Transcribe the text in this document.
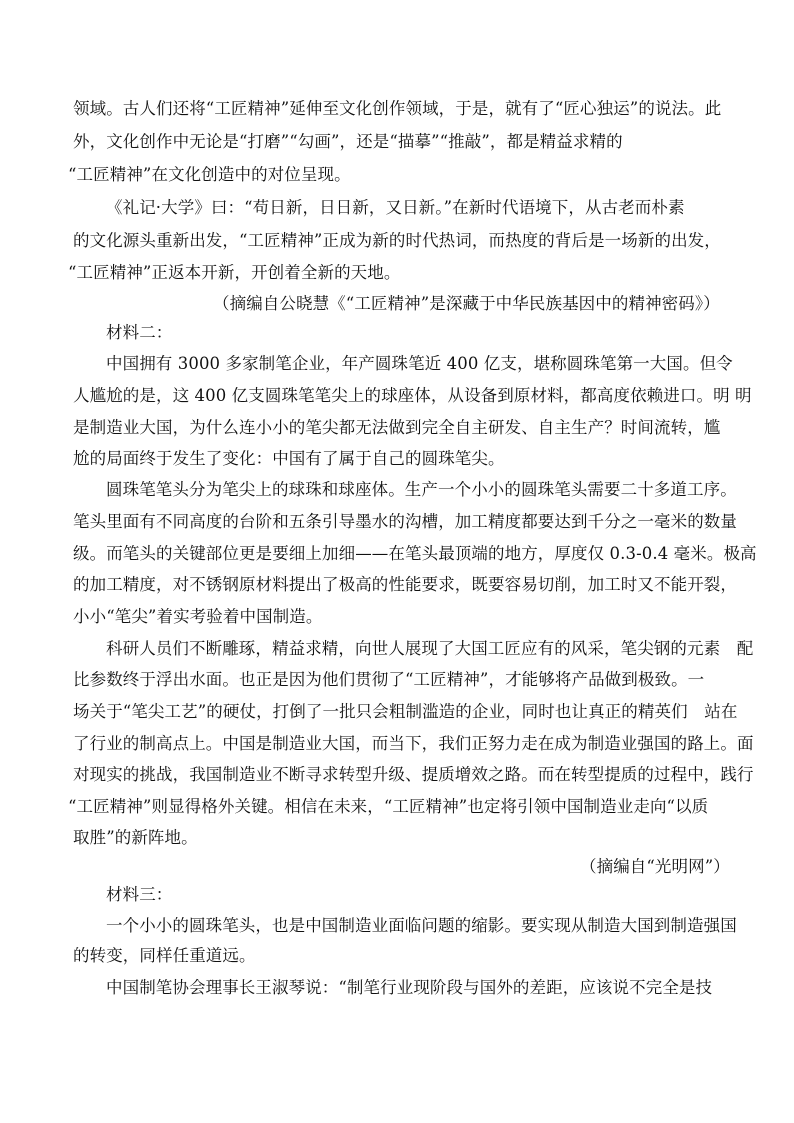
领域。古人们还将“工匠精神”延伸至文化创作领域，于是，就有了“匠心独运”的说法。此
外，文化创作中无论是“打磨”“勾画”，还是“描摹”“推敲”，都是精益求精的
“工匠精神”在文化创造中的对位呈现。
《礼记·大学》曰：“苟日新，日日新，又日新。”在新时代语境下，从古老而朴素
的文化源头重新出发，“工匠精神”正成为新的时代热词，而热度的背后是一场新的出发，
“工匠精神”正返本开新，开创着全新的天地。
（摘编自公晓慧《“工匠精神”是深藏于中华民族基因中的精神密码》）
材料二：
中国拥有 3000 多家制笔企业，年产圆珠笔近 400 亿支，堪称圆珠笔第一大国。但令
人尴尬的是，这 400 亿支圆珠笔笔尖上的球座体，从设备到原材料，都高度依赖进口。明 明
是制造业大国，为什么连小小的笔尖都无法做到完全自主研发、自主生产？时间流转，尴
尬的局面终于发生了变化：中国有了属于自己的圆珠笔尖。
圆珠笔笔头分为笔尖上的球珠和球座体。生产一个小小的圆珠笔头需要二十多道工序。
笔头里面有不同高度的台阶和五条引导墨水的沟槽，加工精度都要达到千分之一毫米的数量
级。而笔头的关键部位更是要细上加细——在笔头最顶端的地方，厚度仅 0.3-0.4 毫米。极高
的加工精度，对不锈钢原材料提出了极高的性能要求，既要容易切削，加工时又不能开裂，
小小“笔尖”着实考验着中国制造。
科研人员们不断雕琢，精益求精，向世人展现了大国工匠应有的风采，笔尖钢的元素　配
比参数终于浮出水面。也正是因为他们贯彻了“工匠精神”，才能够将产品做到极致。一
场关于“笔尖工艺”的硬仗，打倒了一批只会粗制滥造的企业，同时也让真正的精英们　站在
了行业的制高点上。中国是制造业大国，而当下，我们正努力走在成为制造业强国的路上。面
对现实的挑战，我国制造业不断寻求转型升级、提质增效之路。而在转型提质的过程中，践行
“工匠精神”则显得格外关键。相信在未来，“工匠精神”也定将引领中国制造业走向“以质
取胜”的新阵地。
（摘编自“光明网”）
材料三：
一个小小的圆珠笔头，也是中国制造业面临问题的缩影。要实现从制造大国到制造强国
的转变，同样任重道远。
中国制笔协会理事长王淑琴说：“制笔行业现阶段与国外的差距，应该说不完全是技
